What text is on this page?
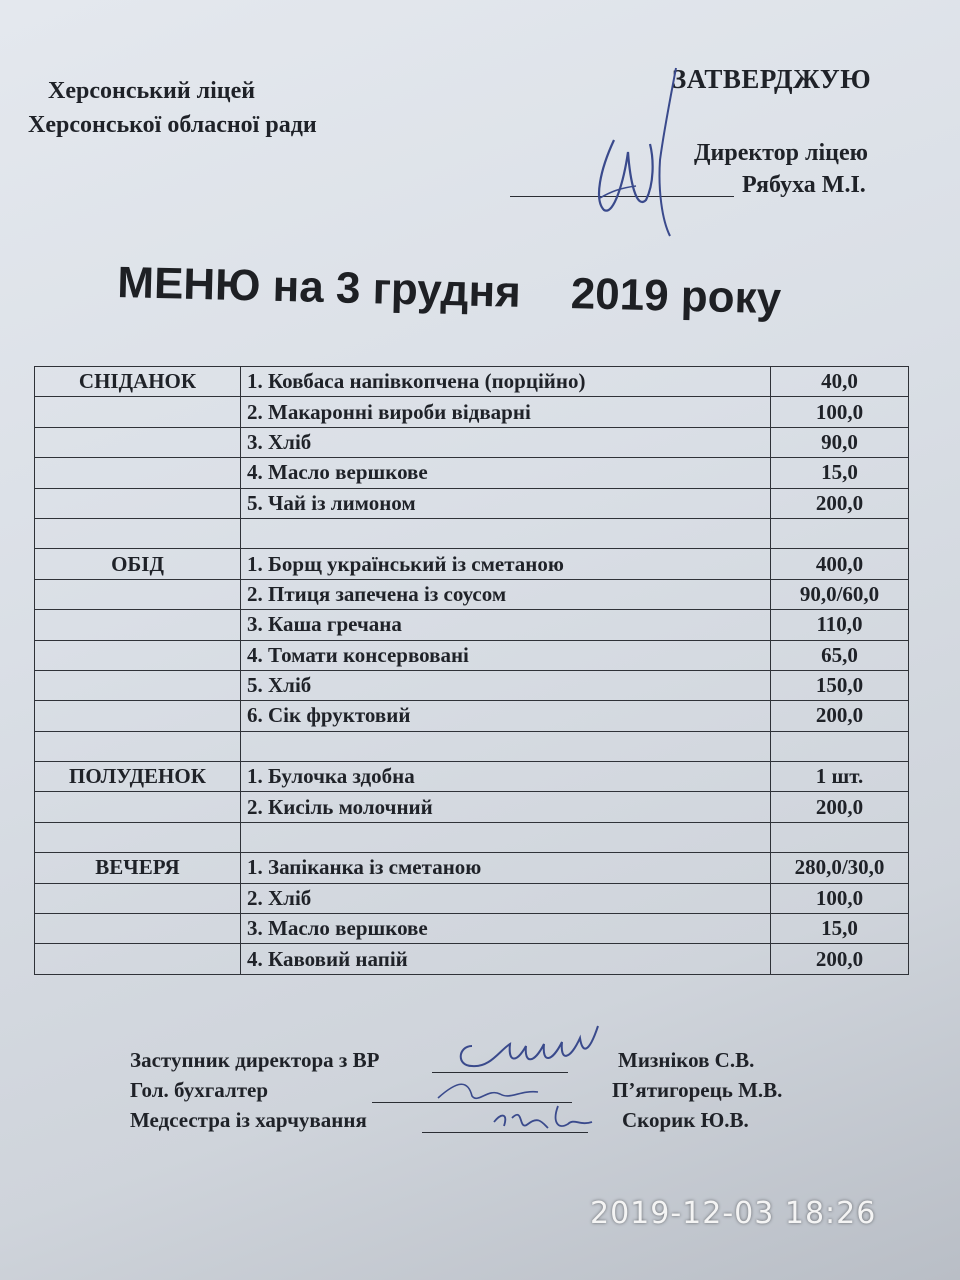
Херсонський ліцей
Херсонської обласної ради
ЗАТВЕРДЖУЮ
Директор ліцею
Рябуха М.І.
МЕНЮ на 3 грудня 2019 року
СНІДАНОК	1. Ковбаса напівкопчена (порційно)	40,0
	2. Макаронні вироби відварні	100,0
	3. Хліб	90,0
	4. Масло вершкове	15,0
	5. Чай із лимоном	200,0

ОБІД	1. Борщ український із сметаною	400,0
	2. Птиця запечена із соусом	90,0/60,0
	3. Каша гречана	110,0
	4. Томати консервовані	65,0
	5. Хліб	150,0
	6. Сік фруктовий	200,0

ПОЛУДЕНОК	1. Булочка здобна	1 шт.
	2. Кисіль молочний	200,0

ВЕЧЕРЯ	1. Запіканка із сметаною	280,0/30,0
	2. Хліб	100,0
	3. Масло вершкове	15,0
	4. Кавовий напій	200,0
Заступник директора з ВР	Мизніков С.В.
Гол. бухгалтер	П’ятигорець М.В.
Медсестра із харчування	Скорик Ю.В.
2019-12-03 18:26
